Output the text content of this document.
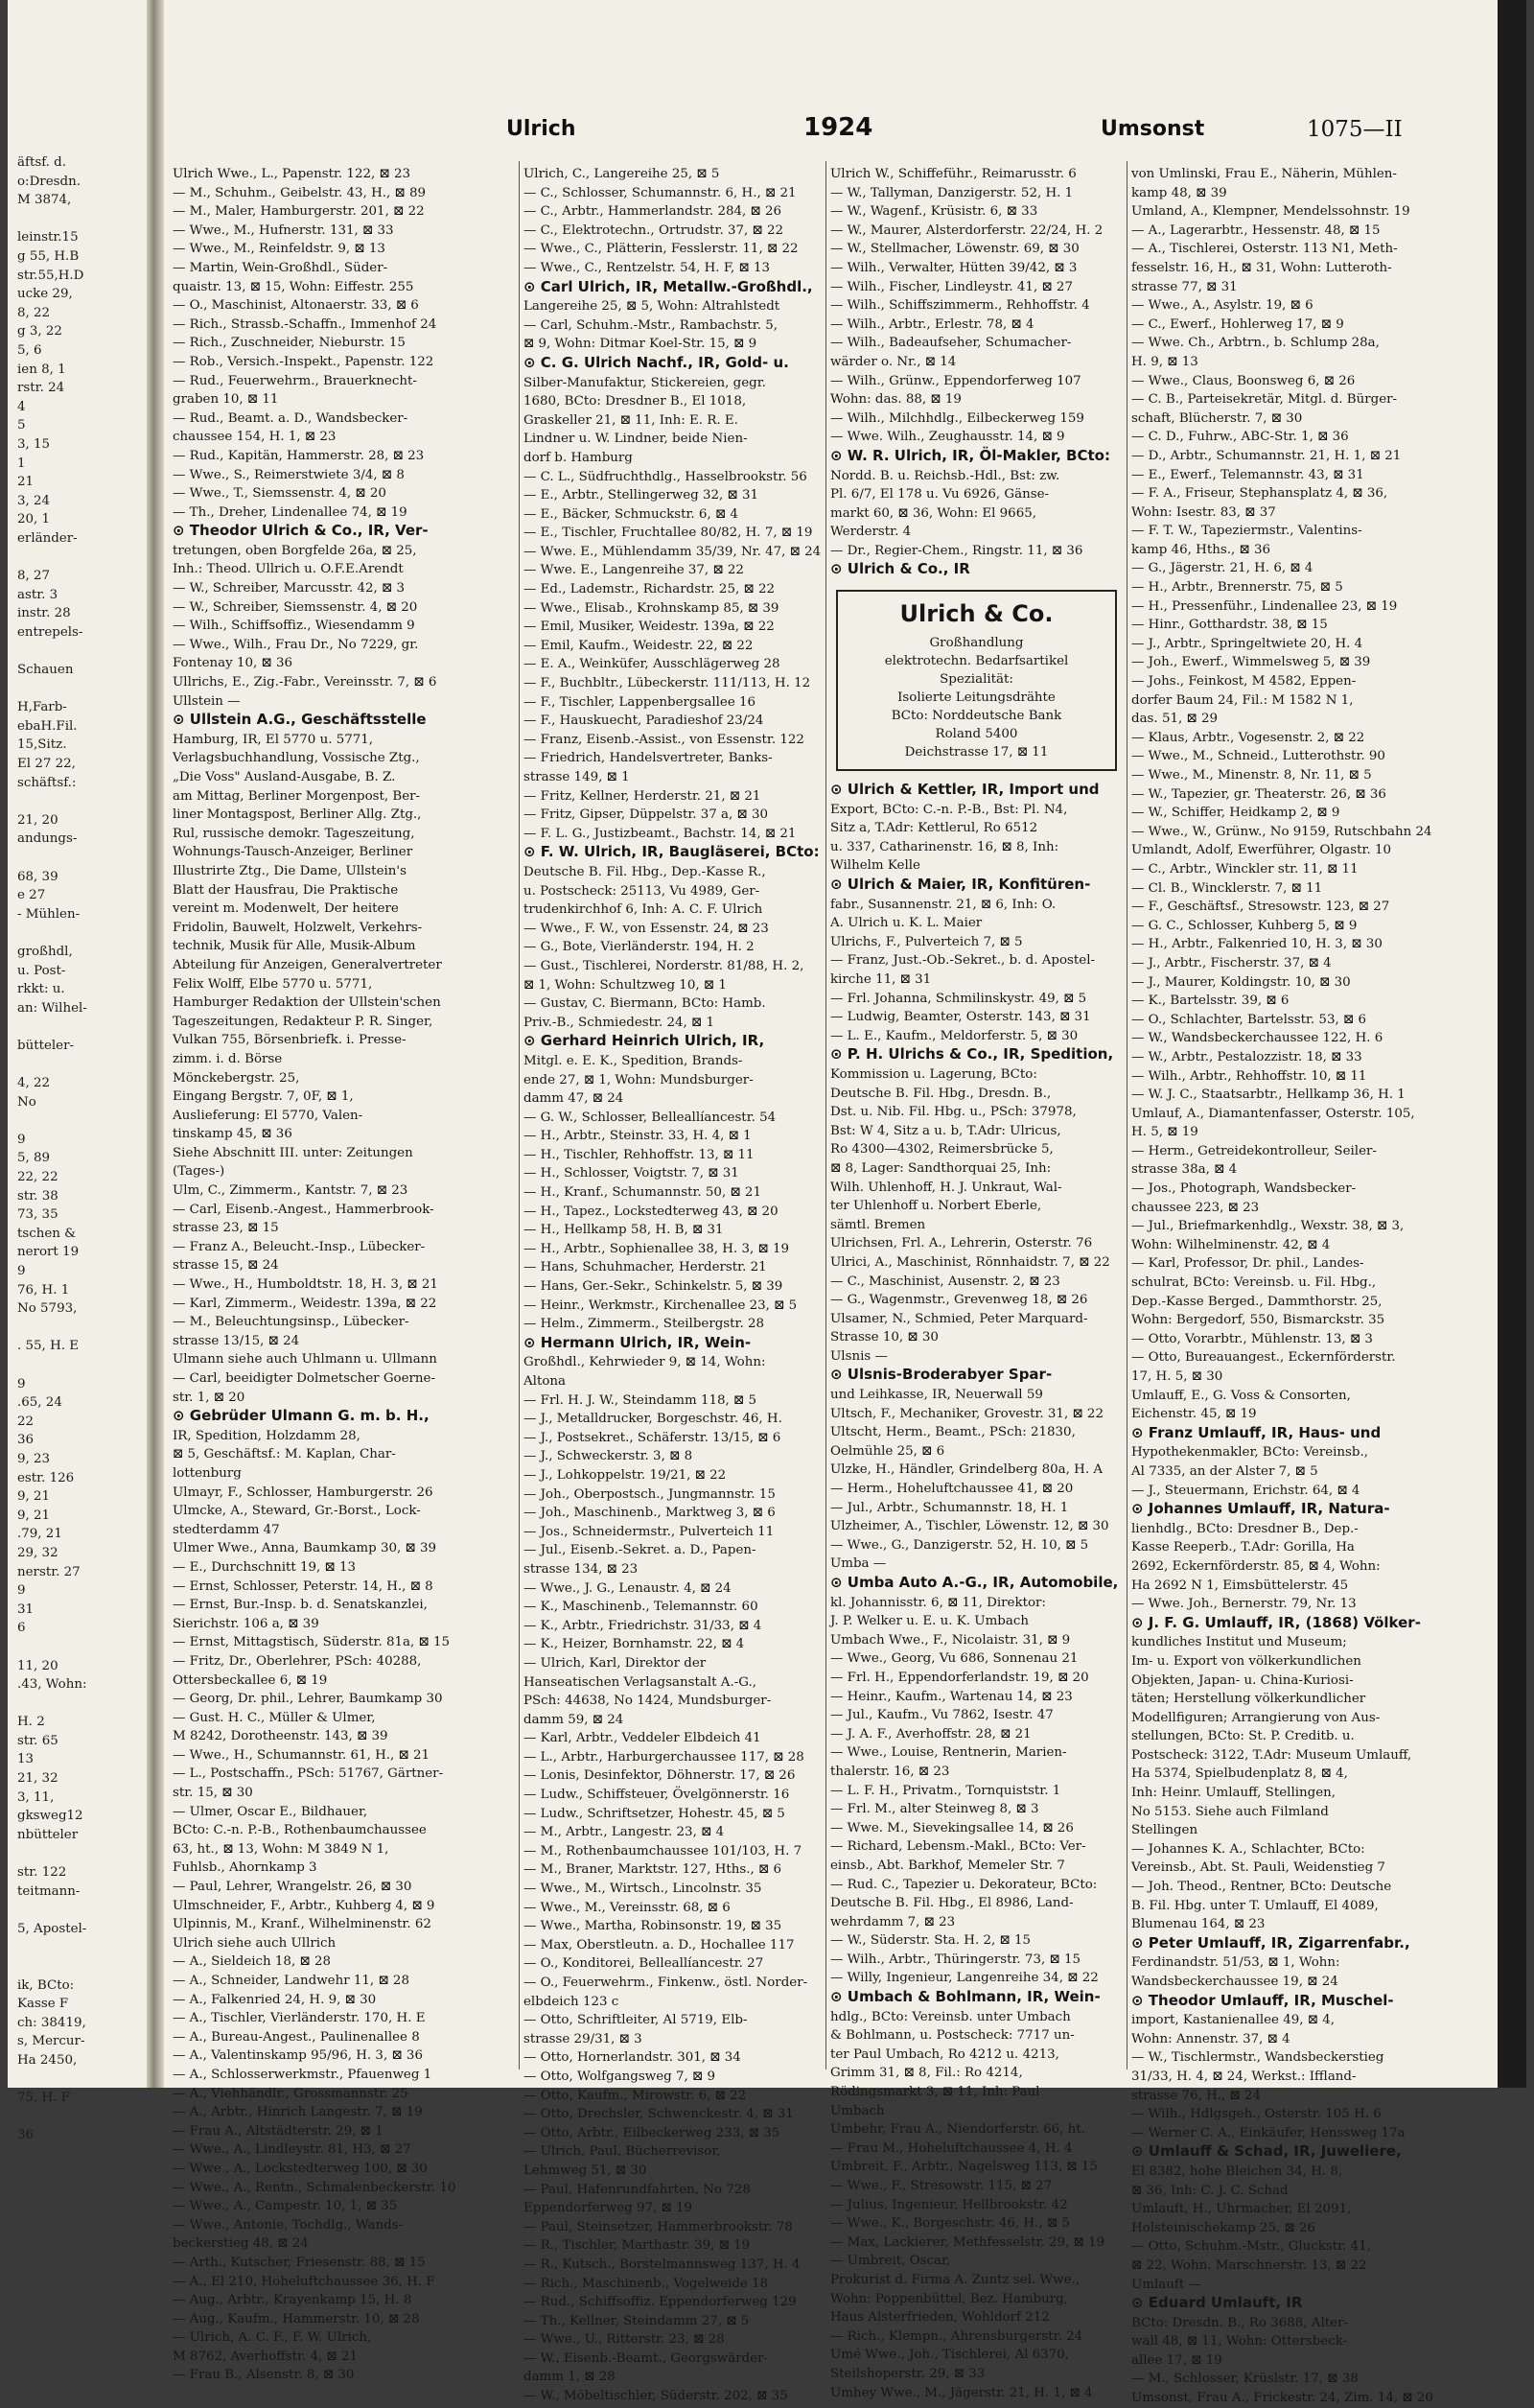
äftsf. d.
o:Dresdn.
M 3874,

leinstr.15
g 55, H.B
str.55,H.D
ucke 29,
8, 22
g 3, 22
5, 6
ien 8, 1
rstr. 24
4
5
3, 15
1
21
3, 24
20, 1
erländer-

8, 27
astr. 3
instr. 28
entrepels-

Schauen

H,Farb-
ebaH.Fil.
15,Sitz.
El 27 22,
schäftsf.:

21, 20
andungs-

68, 39
e 27
- Mühlen-

großhdl,
u. Post-
rkkt: u.
an: Wilhel-

bütteler-

4, 22
No

9
5, 89
22, 22
str. 38
73, 35
tschen &
nerort 19
9
76, H. 1
No 5793,

. 55, H. E

9
.65, 24
22
36
9, 23
estr. 126
9, 21
9, 21
.79, 21
29, 32
nerstr. 27
9
31
6

11, 20
.43, Wohn:

H. 2
str. 65
13
21, 32
3, 11,
gksweg12
nbütteler

str. 122
teitmann-

5, Apostel-

ik, BCto:
Kasse F
ch: 38419,
s, Mercur-
Ha 2450,

75, H. F

36
Ulrich	1924	Umsonst	1075—II
Ulrich Wwe., L., Papenstr. 122, ⊠ 23
— M., Schuhm., Geibelstr. 43, H., ⊠ 89
— M., Maler, Hamburgerstr. 201, ⊠ 22
— Wwe., M., Hufnerstr. 131, ⊠ 33
— Wwe., M., Reinfeldstr. 9, ⊠ 13
— Martin, Wein-Großhdl., Süder-
quaistr. 13, ⊠ 15, Wohn: Eiffestr. 255
— O., Maschinist, Altonaerstr. 33, ⊠ 6
— Rich., Strassb.-Schaffn., Immenhof 24
— Rich., Zuschneider, Nieburstr. 15
— Rob., Versich.-Inspekt., Papenstr. 122
— Rud., Feuerwehrm., Brauerknecht-
graben 10, ⊠ 11
— Rud., Beamt. a. D., Wandsbecker-
chaussee 154, H. 1, ⊠ 23
— Rud., Kapitän, Hammerstr. 28, ⊠ 23
— Wwe., S., Reimerstwiete 3/4, ⊠ 8
— Wwe., T., Siemssenstr. 4, ⊠ 20
— Th., Dreher, Lindenallee 74, ⊠ 19
⊙ Theodor Ulrich & Co., IR, Ver-
tretungen, oben Borgfelde 26a, ⊠ 25,
Inh.: Theod. Ullrich u. O.F.E.Arendt
— W., Schreiber, Marcusstr. 42, ⊠ 3
— W., Schreiber, Siemssenstr. 4, ⊠ 20
— Wilh., Schiffsoffiz., Wiesendamm 9
— Wwe., Wilh., Frau Dr., No 7229, gr.
Fontenay 10, ⊠ 36
Ullrichs, E., Zig.-Fabr., Vereinsstr. 7, ⊠ 6
Ullstein —
⊙ Ullstein A.G., Geschäftsstelle
Hamburg, IR, El 5770 u. 5771,
Verlagsbuchhandlung, Vossische Ztg.,
„Die Voss" Ausland-Ausgabe, B. Z.
am Mittag, Berliner Morgenpost, Ber-
liner Montagspost, Berliner Allg. Ztg.,
Rul, russische demokr. Tageszeitung,
Wohnungs-Tausch-Anzeiger, Berliner
Illustrirte Ztg., Die Dame, Ullstein's
Blatt der Hausfrau, Die Praktische
vereint m. Modenwelt, Der heitere
Fridolin, Bauwelt, Holzwelt, Verkehrs-
technik, Musik für Alle, Musik-Album
Abteilung für Anzeigen, Generalvertreter
Felix Wolff, Elbe 5770 u. 5771,
Hamburger Redaktion der Ullstein'schen
Tageszeitungen, Redakteur P. R. Singer,
Vulkan 755, Börsenbriefk. i. Presse-
zimm. i. d. Börse
Mönckebergstr. 25,
Eingang Bergstr. 7, 0F, ⊠ 1,
Auslieferung: El 5770, Valen-
tinskamp 45, ⊠ 36
Siehe Abschnitt III. unter: Zeitungen
(Tages-)
Ulm, C., Zimmerm., Kantstr. 7, ⊠ 23
— Carl, Eisenb.-Angest., Hammerbrook-
strasse 23, ⊠ 15
— Franz A., Beleucht.-Insp., Lübecker-
strasse 15, ⊠ 24
— Wwe., H., Humboldtstr. 18, H. 3, ⊠ 21
— Karl, Zimmerm., Weidestr. 139a, ⊠ 22
— M., Beleuchtungsinsp., Lübecker-
strasse 13/15, ⊠ 24
Ulmann siehe auch Uhlmann u. Ullmann
— Carl, beeidigter Dolmetscher Goerne-
str. 1, ⊠ 20
⊙ Gebrüder Ulmann G. m. b. H.,
IR, Spedition, Holzdamm 28,
⊠ 5, Geschäftsf.: M. Kaplan, Char-
lottenburg
Ulmayr, F., Schlosser, Hamburgerstr. 26
Ulmcke, A., Steward, Gr.-Borst., Lock-
stedterdamm 47
Ulmer Wwe., Anna, Baumkamp 30, ⊠ 39
— E., Durchschnitt 19, ⊠ 13
— Ernst, Schlosser, Peterstr. 14, H., ⊠ 8
— Ernst, Bur.-Insp. b. d. Senatskanzlei,
Sierichstr. 106 a, ⊠ 39
— Ernst, Mittagstisch, Süderstr. 81a, ⊠ 15
— Fritz, Dr., Oberlehrer, PSch: 40288,
Ottersbeckallee 6, ⊠ 19
— Georg, Dr. phil., Lehrer, Baumkamp 30
— Gust. H. C., Müller & Ulmer,
M 8242, Dorotheenstr. 143, ⊠ 39
— Wwe., H., Schumannstr. 61, H., ⊠ 21
— L., Postschaffn., PSch: 51767, Gärtner-
str. 15, ⊠ 30
— Ulmer, Oscar E., Bildhauer,
BCto: C.-n. P.-B., Rothenbaumchaussee
63, ht., ⊠ 13, Wohn: M 3849 N 1,
Fuhlsb., Ahornkamp 3
— Paul, Lehrer, Wrangelstr. 26, ⊠ 30
Ulmschneider, F., Arbtr., Kuhberg 4, ⊠ 9
Ulpinnis, M., Kranf., Wilhelminenstr. 62
Ulrich siehe auch Ullrich
— A., Sieldeich 18, ⊠ 28
— A., Schneider, Landwehr 11, ⊠ 28
— A., Falkenried 24, H. 9, ⊠ 30
— A., Tischler, Vierländerstr. 170, H. E
— A., Bureau-Angest., Paulinenallee 8
— A., Valentinskamp 95/96, H. 3, ⊠ 36
— A., Schlosserwerkmstr., Pfauenweg 1
— A., Viehhändlr., Grossmannstr. 25
— A., Arbtr., Hinrich Langestr. 7, ⊠ 19
— Frau A., Altstädterstr. 29, ⊠ 1
— Wwe., A., Lindleystr. 81, H3, ⊠ 27
— Wwe., A., Lockstedterweg 100, ⊠ 30
— Wwe., A., Rentn., Schmalenbeckerstr. 10
— Wwe., A., Campestr. 10, 1, ⊠ 35
— Wwe., Antonie, Tochdlg., Wands-
beckerstieg 48, ⊠ 24
— Arth., Kutscher, Friesenstr. 88, ⊠ 15
— A., El 210, Hoheluftchaussee 36, H. F
— Aug., Arbtr., Krayenkamp 15, H. 8
— Aug., Kaufm., Hammerstr. 10, ⊠ 28
— Ulrich, A. C. F., F. W. Ulrich,
M 8762, Averhoffstr. 4, ⊠ 21
— Frau B., Alsenstr. 8, ⊠ 30
Ulrich, C., Langereihe 25, ⊠ 5
— C., Schlosser, Schumannstr. 6, H., ⊠ 21
— C., Arbtr., Hammerlandstr. 284, ⊠ 26
— C., Elektrotechn., Ortrudstr. 37, ⊠ 22
— Wwe., C., Plätterin, Fesslerstr. 11, ⊠ 22
— Wwe., C., Rentzelstr. 54, H. F, ⊠ 13
⊙ Carl Ulrich, IR, Metallw.-Großhdl.,
Langereihe 25, ⊠ 5, Wohn: Altrahlstedt
— Carl, Schuhm.-Mstr., Rambachstr. 5,
⊠ 9, Wohn: Ditmar Koel-Str. 15, ⊠ 9
⊙ C. G. Ulrich Nachf., IR, Gold- u.
Silber-Manufaktur, Stickereien, gegr.
1680, BCto: Dresdner B., El 1018,
Graskeller 21, ⊠ 11, Inh: E. R. E.
Lindner u. W. Lindner, beide Nien-
dorf b. Hamburg
— C. L., Südfruchthdlg., Hasselbrookstr. 56
— E., Arbtr., Stellingerweg 32, ⊠ 31
— E., Bäcker, Schmuckstr. 6, ⊠ 4
— E., Tischler, Fruchtallee 80/82, H. 7, ⊠ 19
— Wwe. E., Mühlendamm 35/39, Nr. 47, ⊠ 24
— Wwe. E., Langenreihe 37, ⊠ 22
— Ed., Lademstr., Richardstr. 25, ⊠ 22
— Wwe., Elisab., Krohnskamp 85, ⊠ 39
— Emil, Musiker, Weidestr. 139a, ⊠ 22
— Emil, Kaufm., Weidestr. 22, ⊠ 22
— E. A., Weinküfer, Ausschlägerweg 28
— F., Buchbltr., Lübeckerstr. 111/113, H. 12
— F., Tischler, Lappenbergsallee 16
— F., Hauskuecht, Paradieshof 23/24
— Franz, Eisenb.-Assist., von Essenstr. 122
— Friedrich, Handelsvertreter, Banks-
strasse 149, ⊠ 1
— Fritz, Kellner, Herderstr. 21, ⊠ 21
— Fritz, Gipser, Düppelstr. 37 a, ⊠ 30
— F. L. G., Justizbeamt., Bachstr. 14, ⊠ 21
⊙ F. W. Ulrich, IR, Baugläserei, BCto:
Deutsche B. Fil. Hbg., Dep.-Kasse R.,
u. Postscheck: 25113, Vu 4989, Ger-
trudenkirchhof 6, Inh: A. C. F. Ulrich
— Wwe., F. W., von Essenstr. 24, ⊠ 23
— G., Bote, Vierländerstr. 194, H. 2
— Gust., Tischlerei, Norderstr. 81/88, H. 2,
⊠ 1, Wohn: Schultzweg 10, ⊠ 1
— Gustav, C. Biermann, BCto: Hamb.
Priv.-B., Schmiedestr. 24, ⊠ 1
⊙ Gerhard Heinrich Ulrich, IR,
Mitgl. e. E. K., Spedition, Brands-
ende 27, ⊠ 1, Wohn: Mundsburger-
damm 47, ⊠ 24
— G. W., Schlosser, Belleallíancestr. 54
— H., Arbtr., Steinstr. 33, H. 4, ⊠ 1
— H., Tischler, Rehhoffstr. 13, ⊠ 11
— H., Schlosser, Voigtstr. 7, ⊠ 31
— H., Kranf., Schumannstr. 50, ⊠ 21
— H., Tapez., Lockstedterweg 43, ⊠ 20
— H., Hellkamp 58, H. B, ⊠ 31
— H., Arbtr., Sophienallee 38, H. 3, ⊠ 19
— Hans, Schuhmacher, Herderstr. 21
— Hans, Ger.-Sekr., Schinkelstr. 5, ⊠ 39
— Heinr., Werkmstr., Kirchenallee 23, ⊠ 5
— Helm., Zimmerm., Steilbergstr. 28
⊙ Hermann Ulrich, IR, Wein-
Großhdl., Kehrwieder 9, ⊠ 14, Wohn:
Altona
— Frl. H. J. W., Steindamm 118, ⊠ 5
— J., Metalldrucker, Borgeschstr. 46, H.
— J., Postsekret., Schäferstr. 13/15, ⊠ 6
— J., Schweckerstr. 3, ⊠ 8
— J., Lohkoppelstr. 19/21, ⊠ 22
— Joh., Oberpostsch., Jungmannstr. 15
— Joh., Maschinenb., Marktweg 3, ⊠ 6
— Jos., Schneidermstr., Pulverteich 11
— Jul., Eisenb.-Sekret. a. D., Papen-
strasse 134, ⊠ 23
— Wwe., J. G., Lenaustr. 4, ⊠ 24
— K., Maschinenb., Telemannstr. 60
— K., Arbtr., Friedrichstr. 31/33, ⊠ 4
— K., Heizer, Bornhamstr. 22, ⊠ 4
— Ulrich, Karl, Direktor der
Hanseatischen Verlagsanstalt A.-G.,
PSch: 44638, No 1424, Mundsburger-
damm 59, ⊠ 24
— Karl, Arbtr., Veddeler Elbdeich 41
— L., Arbtr., Harburgerchaussee 117, ⊠ 28
— Lonis, Desinfektor, Döhnerstr. 17, ⊠ 26
— Ludw., Schiffsteuer, Övelgönnerstr. 16
— Ludw., Schriftsetzer, Hohestr. 45, ⊠ 5
— M., Arbtr., Langestr. 23, ⊠ 4
— M., Rothenbaumchaussee 101/103, H. 7
— M., Braner, Marktstr. 127, Hths., ⊠ 6
— Wwe., M., Wirtsch., Lincolnstr. 35
— Wwe., M., Vereinsstr. 68, ⊠ 6
— Wwe., Martha, Robinsonstr. 19, ⊠ 35
— Max, Oberstleutn. a. D., Hochallee 117
— O., Konditorei, Belleallíancestr. 27
— O., Feuerwehrm., Finkenw., östl. Norder-
elbdeich 123 c
— Otto, Schriftleiter, Al 5719, Elb-
strasse 29/31, ⊠ 3
— Otto, Hornerlandstr. 301, ⊠ 34
— Otto, Wolfgangsweg 7, ⊠ 9
— Otto, Kaufm., Mirowstr. 6, ⊠ 22
— Otto, Drechsler, Schwenckestr. 4, ⊠ 31
— Otto, Arbtr., Eilbeckerweg 233, ⊠ 35
— Ulrich, Paul, Bücherrevisor,
Lehmweg 51, ⊠ 30
— Paul, Hafenrundfahrten, No 728
Eppendorferweg 97, ⊠ 19
— Paul, Steinsetzer, Hammerbrookstr. 78
— R., Tischler, Marthastr. 39, ⊠ 19
— R., Kutsch., Borstelmannsweg 137, H. 4
— Rich., Maschinenb., Vogelweide 18
— Rud., Schiffsoffiz. Eppendorferweg 129
— Th., Kellner, Steindamm 27, ⊠ 5
— Wwe., U., Ritterstr. 23, ⊠ 28
— W., Eisenb.-Beamt., Georgswärder-
damm 1, ⊠ 28
— W., Möbeltischler, Süderstr. 202, ⊠ 35
Ulrich W., Schiffeführ., Reimarusstr. 6
— W., Tallyman, Danzigerstr. 52, H. 1
— W., Wagenf., Krüsistr. 6, ⊠ 33
— W., Maurer, Alsterdorferstr. 22/24, H. 2
— W., Stellmacher, Löwenstr. 69, ⊠ 30
— Wilh., Verwalter, Hütten 39/42, ⊠ 3
— Wilh., Fischer, Lindleystr. 41, ⊠ 27
— Wilh., Schiffszimmerm., Rehhoffstr. 4
— Wilh., Arbtr., Erlestr. 78, ⊠ 4
— Wilh., Badeaufseher, Schumacher-
wärder o. Nr., ⊠ 14
— Wilh., Grünw., Eppendorferweg 107
Wohn: das. 88, ⊠ 19
— Wilh., Milchhdlg., Eilbeckerweg 159
— Wwe. Wilh., Zeughausstr. 14, ⊠ 9
⊙ W. R. Ulrich, IR, Öl-Makler, BCto:
Nordd. B. u. Reichsb.-Hdl., Bst: zw.
Pl. 6/7, El 178 u. Vu 6926, Gänse-
markt 60, ⊠ 36, Wohn: El 9665,
Werderstr. 4
— Dr., Regier-Chem., Ringstr. 11, ⊠ 36
⊙ Ulrich & Co., IR
Ulrich & Co.
Großhandlung
elektrotechn. Bedarfsartikel
Spezialität:
Isolierte Leitungsdrähte
BCto: Norddeutsche Bank
Roland 5400
Deichstrasse 17, ⊠ 11
⊙ Ulrich & Kettler, IR, Import und
Export, BCto: C.-n. P.-B., Bst: Pl. N4,
Sitz a, T.Adr: Kettlerul, Ro 6512
u. 337, Catharinenstr. 16, ⊠ 8, Inh:
Wilhelm Kelle
⊙ Ulrich & Maier, IR, Konfitüren-
fabr., Susannenstr. 21, ⊠ 6, Inh: O.
A. Ulrich u. K. L. Maier
Ulrichs, F., Pulverteich 7, ⊠ 5
— Franz, Just.-Ob.-Sekret., b. d. Apostel-
kirche 11, ⊠ 31
— Frl. Johanna, Schmilinskystr. 49, ⊠ 5
— Ludwig, Beamter, Osterstr. 143, ⊠ 31
— L. E., Kaufm., Meldorferstr. 5, ⊠ 30
⊙ P. H. Ulrichs & Co., IR, Spedition,
Kommission u. Lagerung, BCto:
Deutsche B. Fil. Hbg., Dresdn. B.,
Dst. u. Nib. Fil. Hbg. u., PSch: 37978,
Bst: W 4, Sitz a u. b, T.Adr: Ulricus,
Ro 4300—4302, Reimersbrücke 5,
⊠ 8, Lager: Sandthorquai 25, Inh:
Wilh. Uhlenhoff, H. J. Unkraut, Wal-
ter Uhlenhoff u. Norbert Eberle,
sämtl. Bremen
Ulrichsen, Frl. A., Lehrerin, Osterstr. 76
Ulrici, A., Maschinist, Rönnhaidstr. 7, ⊠ 22
— C., Maschinist, Ausenstr. 2, ⊠ 23
— G., Wagenmstr., Grevenweg 18, ⊠ 26
Ulsamer, N., Schmied, Peter Marquard-
Strasse 10, ⊠ 30
Ulsnis —
⊙ Ulsnis-Broderabyer Spar-
und Leihkasse, IR, Neuerwall 59
Ultsch, F., Mechaniker, Grovestr. 31, ⊠ 22
Ultscht, Herm., Beamt., PSch: 21830,
Oelmühle 25, ⊠ 6
Ulzke, H., Händler, Grindelberg 80a, H. A
— Herm., Hoheluftchaussee 41, ⊠ 20
— Jul., Arbtr., Schumannstr. 18, H. 1
Ulzheimer, A., Tischler, Löwenstr. 12, ⊠ 30
— Wwe., G., Danzigerstr. 52, H. 10, ⊠ 5
Umba —
⊙ Umba Auto A.-G., IR, Automobile,
kl. Johannisstr. 6, ⊠ 11, Direktor:
J. P. Welker u. E. u. K. Umbach
Umbach Wwe., F., Nicolaistr. 31, ⊠ 9
— Wwe., Georg, Vu 686, Sonnenau 21
— Frl. H., Eppendorferlandstr. 19, ⊠ 20
— Heinr., Kaufm., Wartenau 14, ⊠ 23
— Jul., Kaufm., Vu 7862, Isestr. 47
— J. A. F., Averhoffstr. 28, ⊠ 21
— Wwe., Louise, Rentnerin, Marien-
thalerstr. 16, ⊠ 23
— L. F. H., Privatm., Tornquiststr. 1
— Frl. M., alter Steinweg 8, ⊠ 3
— Wwe. M., Sievekingsallee 14, ⊠ 26
— Richard, Lebensm.-Makl., BCto: Ver-
einsb., Abt. Barkhof, Memeler Str. 7
— Rud. C., Tapezier u. Dekorateur, BCto:
Deutsche B. Fil. Hbg., El 8986, Land-
wehrdamm 7, ⊠ 23
— W., Süderstr. Sta. H. 2, ⊠ 15
— Wilh., Arbtr., Thüringerstr. 73, ⊠ 15
— Willy, Ingenieur, Langenreihe 34, ⊠ 22
⊙ Umbach & Bohlmann, IR, Wein-
hdlg., BCto: Vereinsb. unter Umbach
& Bohlmann, u. Postscheck: 7717 un-
ter Paul Umbach, Ro 4212 u. 4213,
Grimm 31, ⊠ 8, Fil.: Ro 4214,
Rödingsmarkt 3, ⊠ 11, Inh: Paul
Umbach
Umbehr, Frau A., Niendorferstr. 66, ht.
— Frau M., Hoheluftchaussee 4, H. 4
Umbreit, F., Arbtr., Nagelsweg 113, ⊠ 15
— Wwe., F., Stresowstr. 115, ⊠ 27
— Julius, Ingenieur, Hellbrookstr. 42
— Wwe., K., Borgeschstr. 46, H., ⊠ 5
— Max, Lackierer, Methfesselstr. 29, ⊠ 19
— Umbreit, Oscar,
Prokurist d. Firma A. Zuntz sel. Wwe.,
Wohn: Poppenbüttel, Bez. Hamburg,
Haus Alsterfrieden, Wohldorf 212
— Rich., Klempn., Ahrensburgerstr. 24
Umé Wwe., Joh., Tischlerei, Al 6370,
Steilshoperstr. 29, ⊠ 33
Umhey Wwe., M., Jägerstr. 21, H. 1, ⊠ 4
von Umlinski, Frau E., Näherin, Mühlen-
kamp 48, ⊠ 39
Umland, A., Klempner, Mendelssohnstr. 19
— A., Lagerarbtr., Hessenstr. 48, ⊠ 15
— A., Tischlerei, Osterstr. 113 N1, Meth-
fesselstr. 16, H., ⊠ 31, Wohn: Lutteroth-
strasse 77, ⊠ 31
— Wwe., A., Asylstr. 19, ⊠ 6
— C., Ewerf., Hohlerweg 17, ⊠ 9
— Wwe. Ch., Arbtrn., b. Schlump 28a,
H. 9, ⊠ 13
— Wwe., Claus, Boonsweg 6, ⊠ 26
— C. B., Parteisekretär, Mitgl. d. Bürger-
schaft, Blücherstr. 7, ⊠ 30
— C. D., Fuhrw., ABC-Str. 1, ⊠ 36
— D., Arbtr., Schumannstr. 21, H. 1, ⊠ 21
— E., Ewerf., Telemannstr. 43, ⊠ 31
— F. A., Friseur, Stephansplatz 4, ⊠ 36,
Wohn: Isestr. 83, ⊠ 37
— F. T. W., Tapeziermstr., Valentins-
kamp 46, Hths., ⊠ 36
— G., Jägerstr. 21, H. 6, ⊠ 4
— H., Arbtr., Brennerstr. 75, ⊠ 5
— H., Pressenführ., Lindenallee 23, ⊠ 19
— Hinr., Gotthardstr. 38, ⊠ 15
— J., Arbtr., Springeltwiete 20, H. 4
— Joh., Ewerf., Wimmelsweg 5, ⊠ 39
— Johs., Feinkost, M 4582, Eppen-
dorfer Baum 24, Fil.: M 1582 N 1,
das. 51, ⊠ 29
— Klaus, Arbtr., Vogesenstr. 2, ⊠ 22
— Wwe., M., Schneid., Lutterothstr. 90
— Wwe., M., Minenstr. 8, Nr. 11, ⊠ 5
— W., Tapezier, gr. Theaterstr. 26, ⊠ 36
— W., Schiffer, Heidkamp 2, ⊠ 9
— Wwe., W., Grünw., No 9159, Rutschbahn 24
Umlandt, Adolf, Ewerführer, Olgastr. 10
— C., Arbtr., Winckler str. 11, ⊠ 11
— Cl. B., Wincklerstr. 7, ⊠ 11
— F., Geschäftsf., Stresowstr. 123, ⊠ 27
— G. C., Schlosser, Kuhberg 5, ⊠ 9
— H., Arbtr., Falkenried 10, H. 3, ⊠ 30
— J., Arbtr., Fischerstr. 37, ⊠ 4
— J., Maurer, Koldingstr. 10, ⊠ 30
— K., Bartelsstr. 39, ⊠ 6
— O., Schlachter, Bartelsstr. 53, ⊠ 6
— W., Wandsbeckerchaussee 122, H. 6
— W., Arbtr., Pestalozzistr. 18, ⊠ 33
— Wilh., Arbtr., Rehhoffstr. 10, ⊠ 11
— W. J. C., Staatsarbtr., Hellkamp 36, H. 1
Umlauf, A., Diamantenfasser, Osterstr. 105,
H. 5, ⊠ 19
— Herm., Getreidekontrolleur, Seiler-
strasse 38a, ⊠ 4
— Jos., Photograph, Wandsbecker-
chaussee 223, ⊠ 23
— Jul., Briefmarkenhdlg., Wexstr. 38, ⊠ 3,
Wohn: Wilhelminenstr. 42, ⊠ 4
— Karl, Professor, Dr. phil., Landes-
schulrat, BCto: Vereinsb. u. Fil. Hbg.,
Dep.-Kasse Berged., Dammthorstr. 25,
Wohn: Bergedorf, 550, Bismarckstr. 35
— Otto, Vorarbtr., Mühlenstr. 13, ⊠ 3
— Otto, Bureauangest., Eckernförderstr.
17, H. 5, ⊠ 30
Umlauff, E., G. Voss & Consorten,
Eichenstr. 45, ⊠ 19
⊙ Franz Umlauff, IR, Haus- und
Hypothekenmakler, BCto: Vereinsb.,
Al 7335, an der Alster 7, ⊠ 5
— J., Steuermann, Erichstr. 64, ⊠ 4
⊙ Johannes Umlauff, IR, Natura-
lienhdlg., BCto: Dresdner B., Dep.-
Kasse Reeperb., T.Adr: Gorilla, Ha
2692, Eckernförderstr. 85, ⊠ 4, Wohn:
Ha 2692 N 1, Eimsbüttelerstr. 45
— Wwe. Joh., Bernerstr. 79, Nr. 13
⊙ J. F. G. Umlauff, IR, (1868) Völker-
kundliches Institut und Museum;
Im- u. Export von völkerkundlichen
Objekten, Japan- u. China-Kuriosi-
täten; Herstellung völkerkundlicher
Modellfiguren; Arrangierung von Aus-
stellungen, BCto: St. P. Creditb. u.
Postscheck: 3122, T.Adr: Museum Umlauff,
Ha 5374, Spielbudenplatz 8, ⊠ 4,
Inh: Heinr. Umlauff, Stellingen,
No 5153. Siehe auch Filmland
Stellingen
— Johannes K. A., Schlachter, BCto:
Vereinsb., Abt. St. Pauli, Weidenstieg 7
— Joh. Theod., Rentner, BCto: Deutsche
B. Fil. Hbg. unter T. Umlauff, El 4089,
Blumenau 164, ⊠ 23
⊙ Peter Umlauff, IR, Zigarrenfabr.,
Ferdinandstr. 51/53, ⊠ 1, Wohn:
Wandsbeckerchaussee 19, ⊠ 24
⊙ Theodor Umlauff, IR, Muschel-
import, Kastanienallee 49, ⊠ 4,
Wohn: Annenstr. 37, ⊠ 4
— W., Tischlermstr., Wandsbeckerstieg
31/33, H. 4, ⊠ 24, Werkst.: Iffland-
strasse 76, H., ⊠ 24
— Wilh., Hdlgsgeh., Osterstr. 105 H. 6
— Werner C. A., Einkäufer, Henssweg 17a
⊙ Umlauff & Schad, IR, Juweliere,
El 8382, hohe Bleichen 34, H. 8,
⊠ 36, Inh: C. J. C. Schad
Umlauft, H., Uhrmacher, El 2091,
Holsteinischekamp 25, ⊠ 26
— Otto, Schuhm.-Mstr., Gluckstr. 41,
⊠ 22, Wohn. Marschnerstr. 13, ⊠ 22
Umlauft —
⊙ Eduard Umlauft, IR
BCto: Dresdn. B., Ro 3688, Alter-
wall 48, ⊠ 11, Wohn: Ottersbeck-
allee 17, ⊠ 19
— M., Schlosser, Krüslstr. 17, ⊠ 38
Umsonst, Frau A., Frickestr. 24, Zim. 14, ⊠ 20
